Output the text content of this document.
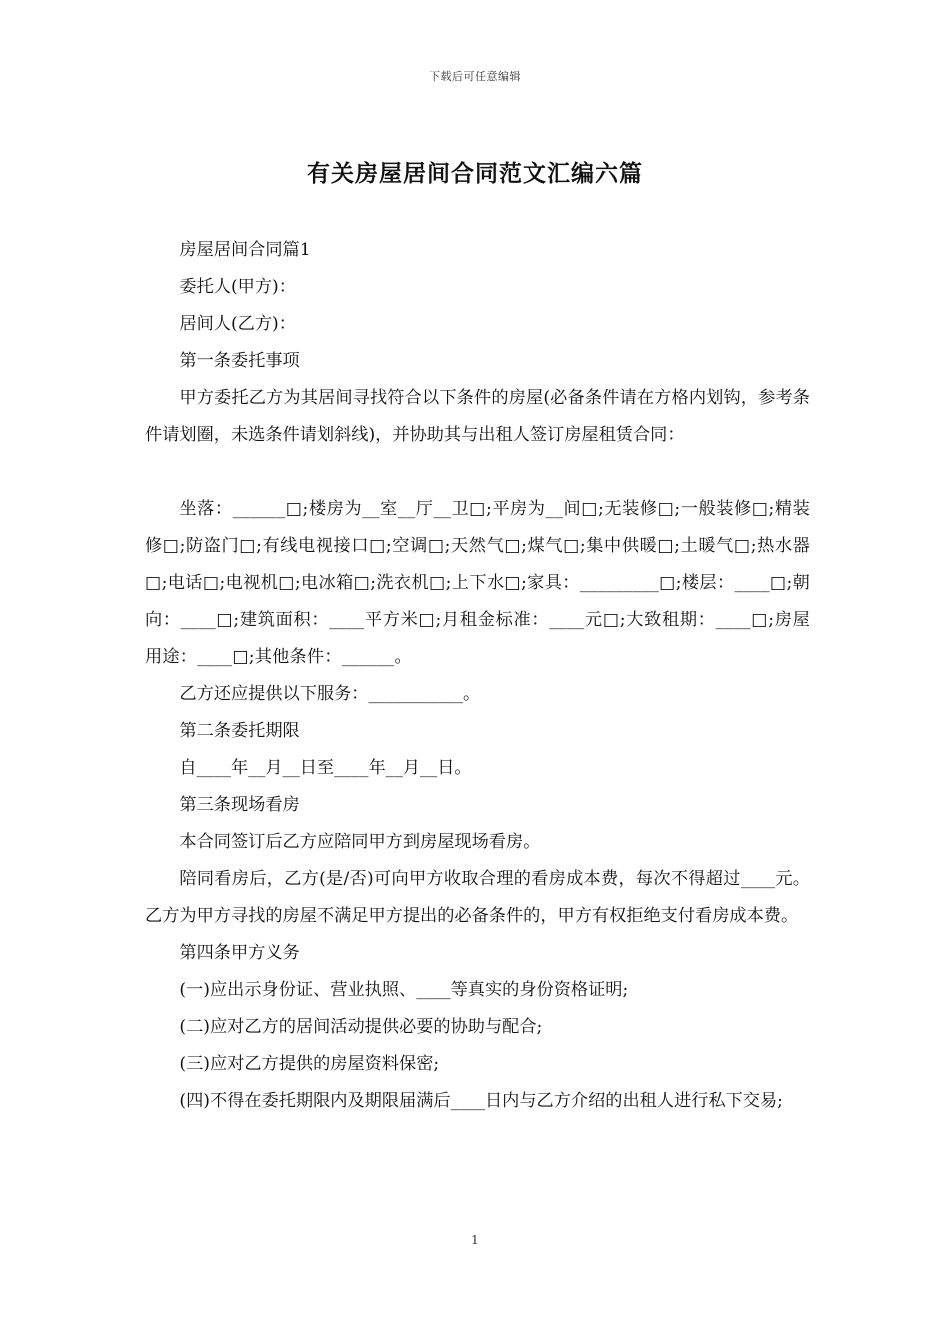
下载后可任意编辑
有关房屋居间合同范文汇编六篇

房屋居间合同篇1

委托人(甲方)：

居间人(乙方)：

第一条委托事项

甲方委托乙方为其居间寻找符合以下条件的房屋(必备条件请在方格内划钩，参考条件请划圈，未选条件请划斜线)，并协助其与出租人签订房屋租赁合同：

坐落：______□;楼房为__室__厅__卫□;平房为__间□;无装修□;一般装修□;精装修□;防盗门□;有线电视接口□;空调□;天然气□;煤气□;集中供暖□;土暖气□;热水器□;电话□;电视机□;电冰箱□;洗衣机□;上下水□;家具：_________□;楼层：____□;朝向：____□;建筑面积：____平方米□;月租金标准：____元□;大致租期：____□;房屋用途：____□;其他条件：______。

乙方还应提供以下服务：___________。

第二条委托期限

自____年__月__日至____年__月__日。

第三条现场看房

本合同签订后乙方应陪同甲方到房屋现场看房。

陪同看房后，乙方(是/否)可向甲方收取合理的看房成本费，每次不得超过____元。乙方为甲方寻找的房屋不满足甲方提出的必备条件的，甲方有权拒绝支付看房成本费。

第四条甲方义务

(一)应出示身份证、营业执照、____等真实的身份资格证明;

(二)应对乙方的居间活动提供必要的协助与配合;

(三)应对乙方提供的房屋资料保密;

(四)不得在委托期限内及期限届满后____日内与乙方介绍的出租人进行私下交易;

1
